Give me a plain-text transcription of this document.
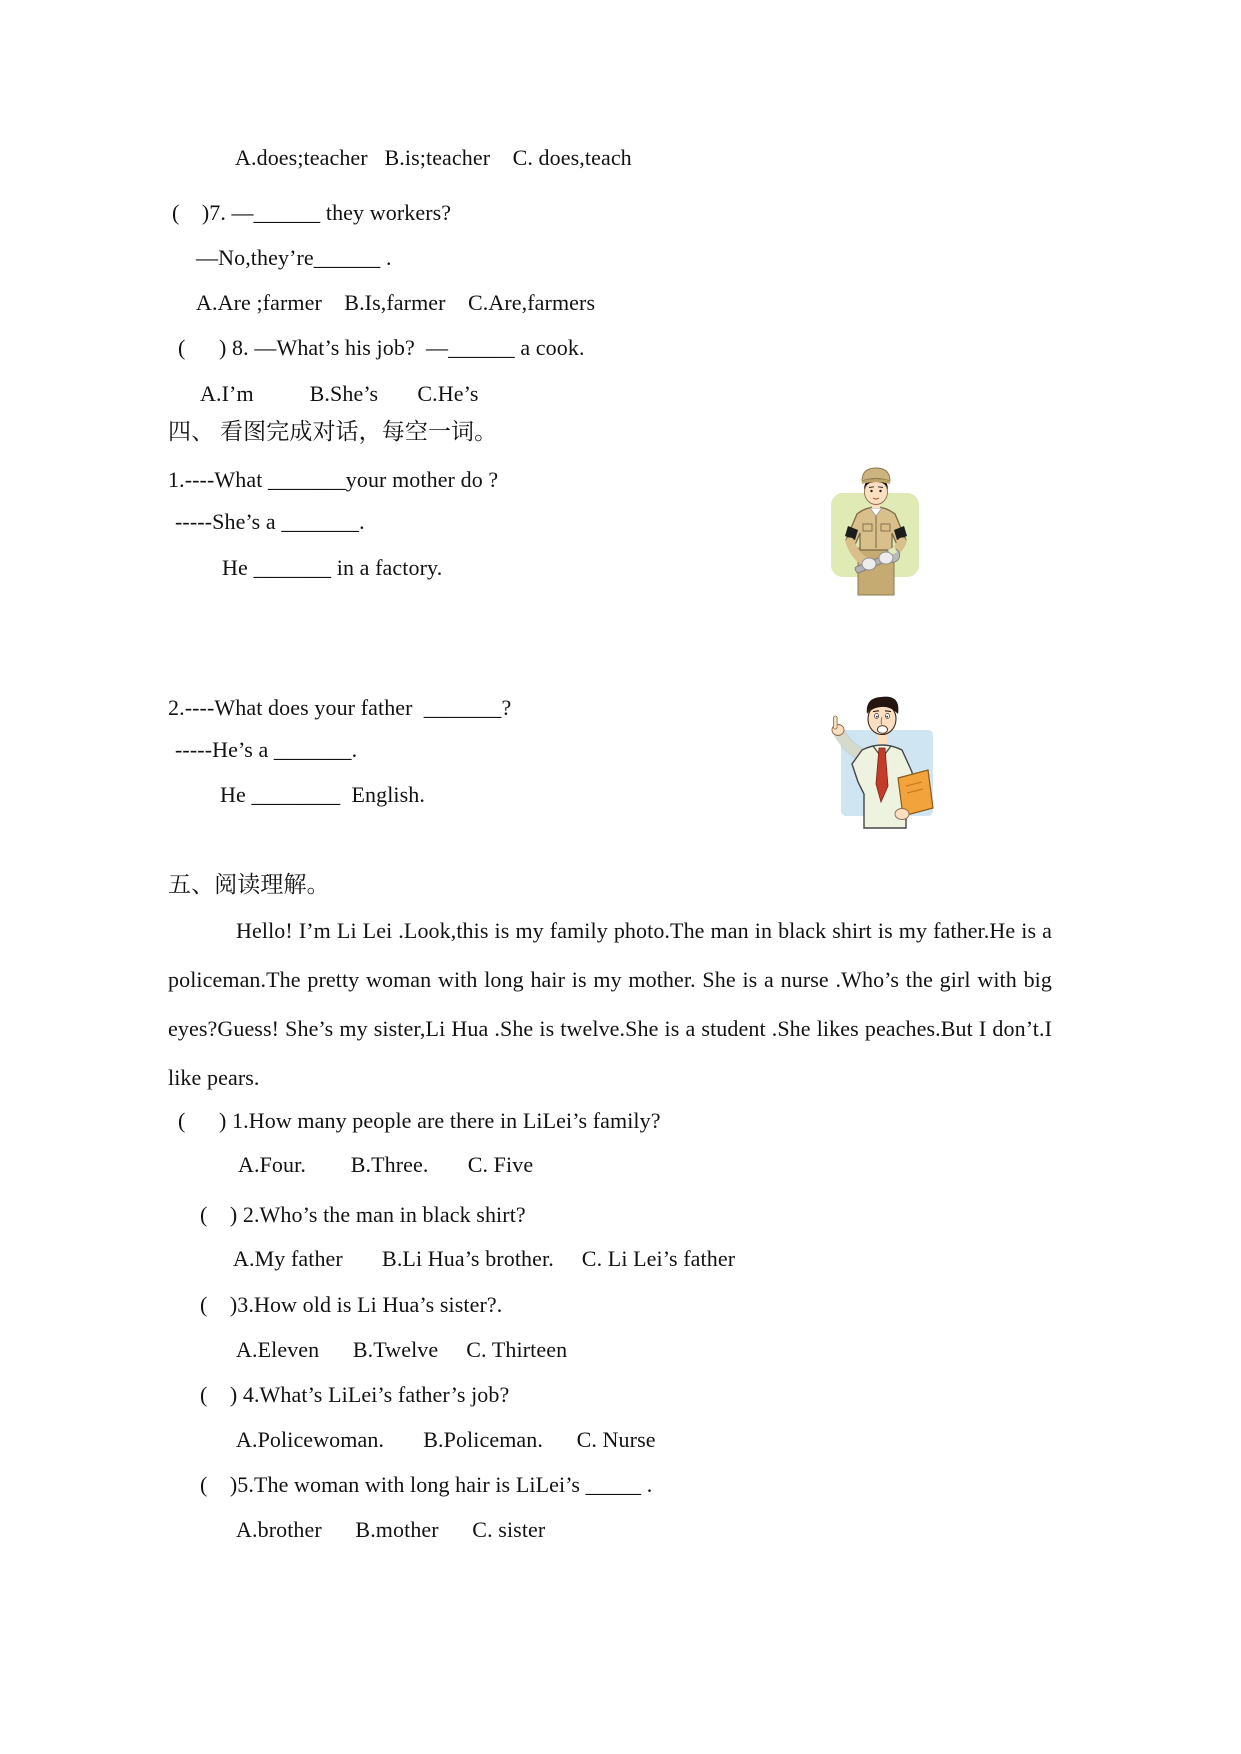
A.does;teacher   B.is;teacher    C. does,teach
(    )7. —______ they workers?
—No,they’re______ .
A.Are ;farmer    B.Is,farmer    C.Are,farmers
(      ) 8. —What’s his job?  —______ a cook.
A.I’m          B.She’s       C.He’s
四、 看图完成对话，每空一词。
1.----What _______your mother do ?
-----She’s a _______.
He _______ in a factory.
2.----What does your father  _______?
-----He’s a _______.
He ________  English.
五、阅读理解。
Hello! I’m Li Lei .Look,this is my family photo.The man in black shirt is my father.He is a
policeman.The pretty woman with long hair is my mother. She is a nurse .Who’s the girl with big
eyes?Guess! She’s my sister,Li Hua .She is twelve.She is a student .She likes peaches.But I don’t.I
like pears.
(      ) 1.How many people are there in LiLei’s family?
A.Four.        B.Three.       C. Five
(    ) 2.Who’s the man in black shirt?
A.My father       B.Li Hua’s brother.     C. Li Lei’s father
(    )3.How old is Li Hua’s sister?.
A.Eleven      B.Twelve     C. Thirteen
(    ) 4.What’s LiLei’s father’s job?
A.Policewoman.       B.Policeman.      C. Nurse
(    )5.The woman with long hair is LiLei’s _____ .
A.brother      B.mother      C. sister
